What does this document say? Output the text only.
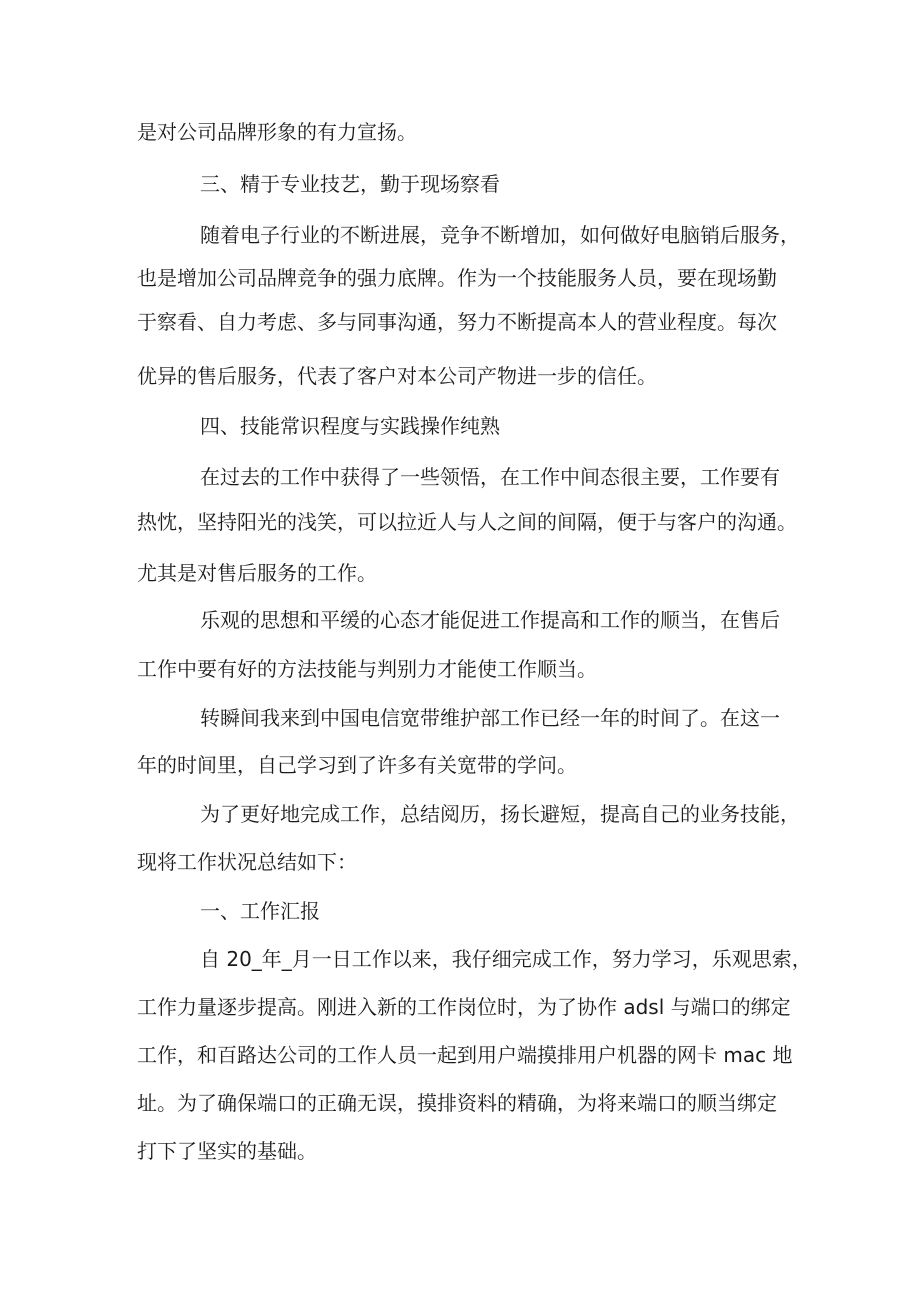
是对公司品牌形象的有力宣扬。
三、精于专业技艺，勤于现场察看
随着电子行业的不断进展，竞争不断增加，如何做好电脑销后服务，
也是增加公司品牌竞争的强力底牌。作为一个技能服务人员，要在现场勤
于察看、自力考虑、多与同事沟通，努力不断提高本人的营业程度。每次
优异的售后服务，代表了客户对本公司产物进一步的信任。
四、技能常识程度与实践操作纯熟
在过去的工作中获得了一些领悟，在工作中间态很主要，工作要有
热忱，坚持阳光的浅笑，可以拉近人与人之间的间隔，便于与客户的沟通。
尤其是对售后服务的工作。
乐观的思想和平缓的心态才能促进工作提高和工作的顺当，在售后
工作中要有好的方法技能与判别力才能使工作顺当。
转瞬间我来到中国电信宽带维护部工作已经一年的时间了。在这一
年的时间里，自己学习到了许多有关宽带的学问。
为了更好地完成工作，总结阅历，扬长避短，提高自己的业务技能，
现将工作状况总结如下：
一、工作汇报
自 20_年_月一日工作以来，我仔细完成工作，努力学习，乐观思索，
工作力量逐步提高。刚进入新的工作岗位时，为了协作 adsl 与端口的绑定
工作，和百路达公司的工作人员一起到用户端摸排用户机器的网卡 mac 地
址。为了确保端口的正确无误，摸排资料的精确，为将来端口的顺当绑定
打下了坚实的基础。
